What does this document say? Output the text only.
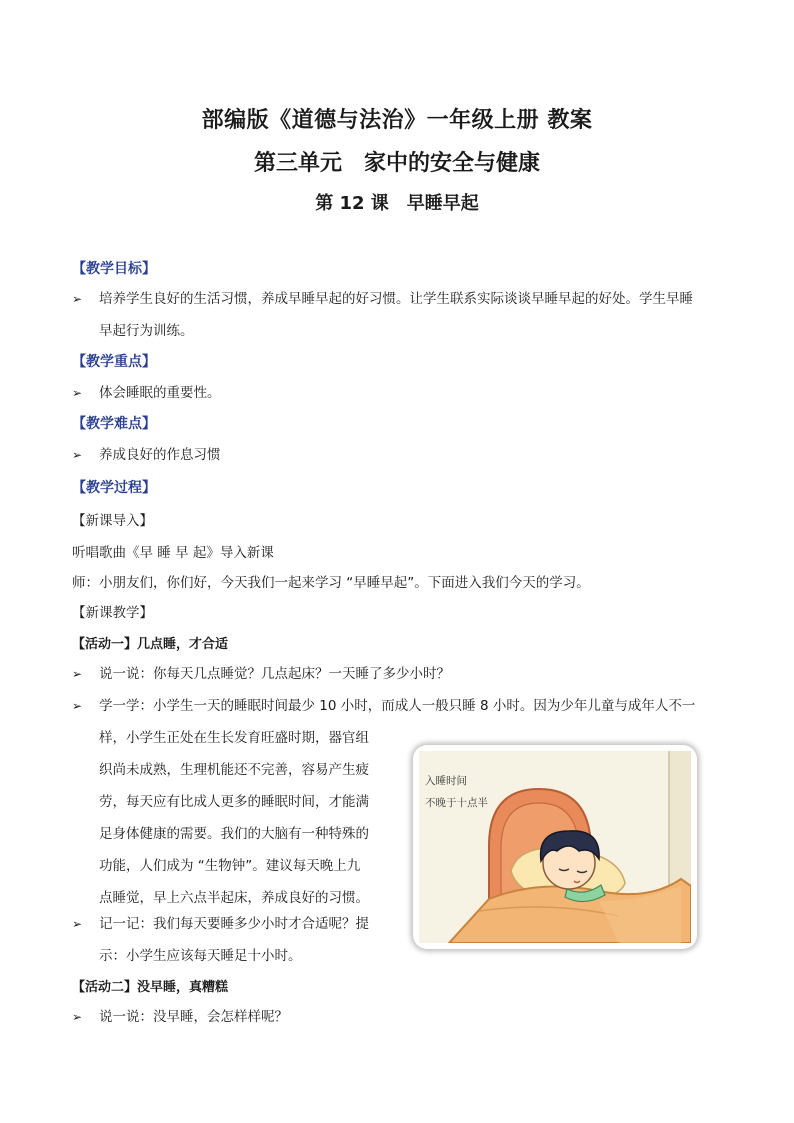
部编版《道德与法治》一年级上册 教案
第三单元　家中的安全与健康
第 12 课　早睡早起
【教学目标】
➢	培养学生良好的生活习惯，养成早睡早起的好习惯。让学生联系实际谈谈早睡早起的好处。学生早睡
早起行为训练。
【教学重点】
➢	体会睡眠的重要性。
【教学难点】
➢	养成良好的作息习惯
【教学过程】
【新课导入】
听唱歌曲《早 睡 早 起》导入新课
师：小朋友们，你们好，今天我们一起来学习 “早睡早起”。下面进入我们今天的学习。
【新课教学】
【活动一】几点睡，才合适
➢	说一说：你每天几点睡觉？几点起床？一天睡了多少小时？
➢	学一学：小学生一天的睡眠时间最少 10 小时，而成人一般只睡 8 小时。因为少年儿童与成年人不一
样，小学生正处在生长发育旺盛时期，器官组
织尚未成熟，生理机能还不完善，容易产生疲
劳，每天应有比成人更多的睡眠时间，才能满
足身体健康的需要。我们的大脑有一种特殊的
功能，人们成为 “生物钟”。建议每天晚上九
点睡觉，早上六点半起床，养成良好的习惯。
➢	记一记：我们每天要睡多少小时才合适呢？提
示：小学生应该每天睡足十小时。
【活动二】没早睡，真糟糕
➢	说一说：没早睡，会怎样样呢？
入睡时间
不晚于十点半
